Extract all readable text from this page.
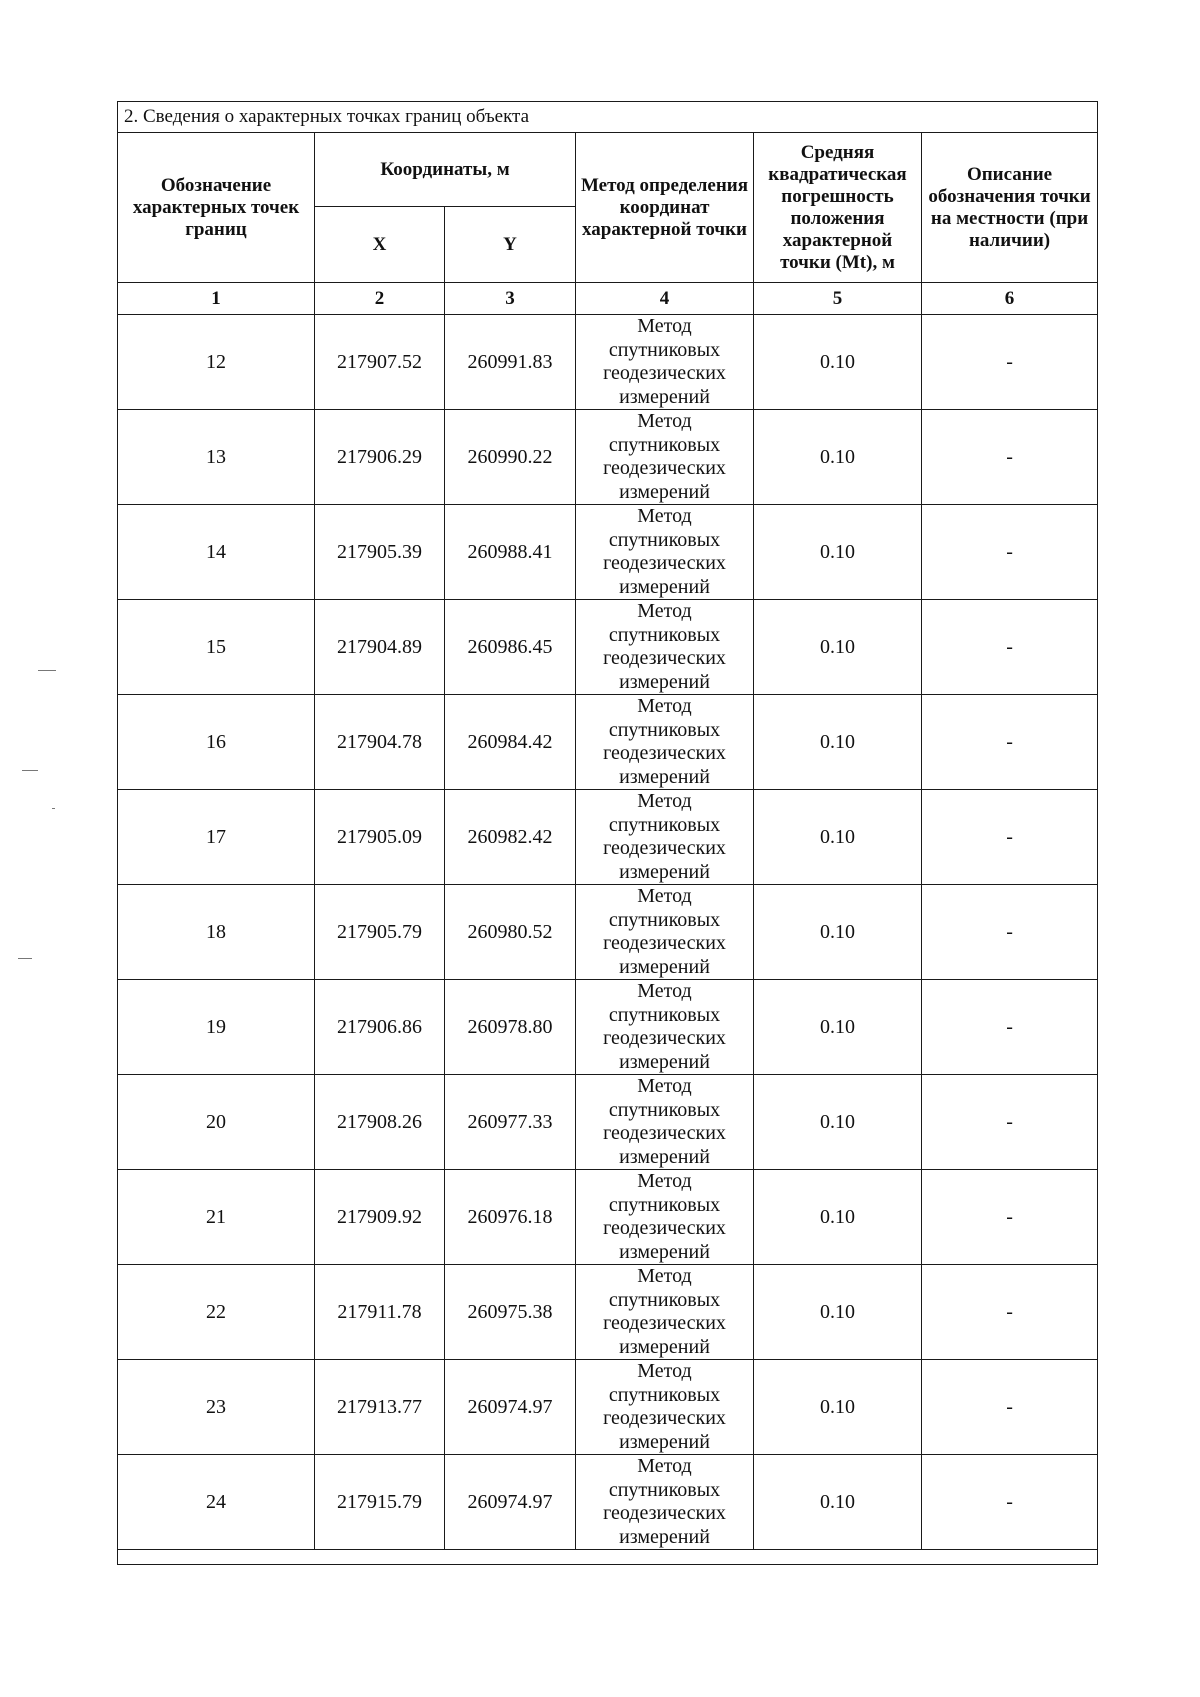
2. Сведения о характерных точках границ объекта					
Обозначение характерных точек границ	Координаты, м		Метод определения координат характерной точки	Средняя квадратическая погрешность положения характерной точки (Mt), м	Описание обозначения точки на местности (при наличии)
	X	Y			
1	2	3	4	5	6
12	217907.52	260991.83	Метод спутниковых геодезических измерений	0.10	-
13	217906.29	260990.22	Метод спутниковых геодезических измерений	0.10	-
14	217905.39	260988.41	Метод спутниковых геодезических измерений	0.10	-
15	217904.89	260986.45	Метод спутниковых геодезических измерений	0.10	-
16	217904.78	260984.42	Метод спутниковых геодезических измерений	0.10	-
17	217905.09	260982.42	Метод спутниковых геодезических измерений	0.10	-
18	217905.79	260980.52	Метод спутниковых геодезических измерений	0.10	-
19	217906.86	260978.80	Метод спутниковых геодезических измерений	0.10	-
20	217908.26	260977.33	Метод спутниковых геодезических измерений	0.10	-
21	217909.92	260976.18	Метод спутниковых геодезических измерений	0.10	-
22	217911.78	260975.38	Метод спутниковых геодезических измерений	0.10	-
23	217913.77	260974.97	Метод спутниковых геодезических измерений	0.10	-
24	217915.79	260974.97	Метод спутниковых геодезических измерений	0.10	-
